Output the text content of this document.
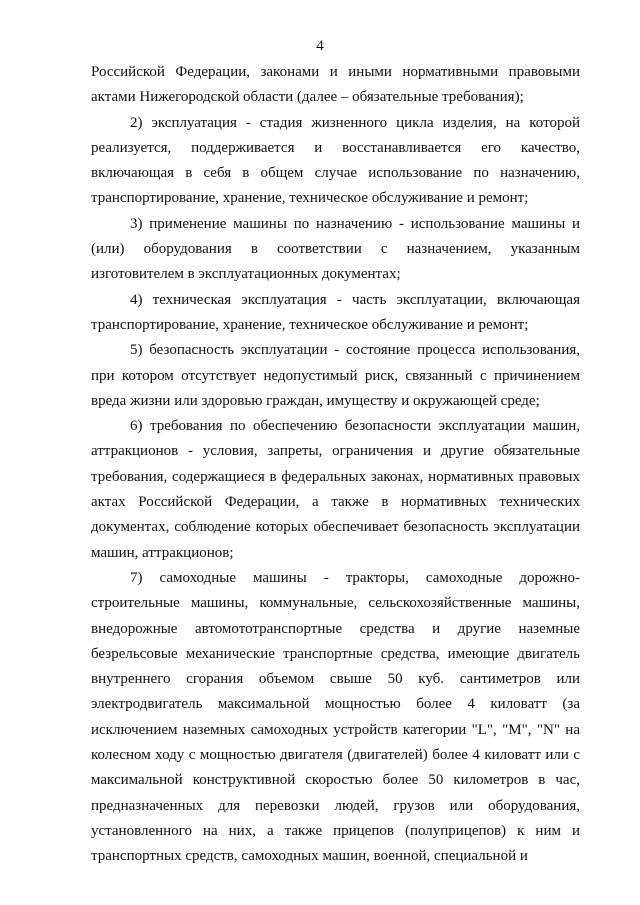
4

Российской Федерации, законами и иными нормативными правовыми актами Нижегородской области (далее – обязательные требования);

2) эксплуатация - стадия жизненного цикла изделия, на которой реализуется, поддерживается и восстанавливается его качество, включающая в себя в общем случае использование по назначению, транспортирование, хранение, техническое обслуживание и ремонт;

3) применение машины по назначению - использование машины и (или) оборудования в соответствии с назначением, указанным изготовителем в эксплуатационных документах;

4) техническая эксплуатация - часть эксплуатации, включающая транспортирование, хранение, техническое обслуживание и ремонт;

5) безопасность эксплуатации - состояние процесса использования, при котором отсутствует недопустимый риск, связанный с причинением вреда жизни или здоровью граждан, имуществу и окружающей среде;

6) требования по обеспечению безопасности эксплуатации машин, аттракционов - условия, запреты, ограничения и другие обязательные требования, содержащиеся в федеральных законах, нормативных правовых актах Российской Федерации, а также в нормативных технических документах, соблюдение которых обеспечивает безопасность эксплуатации машин, аттракционов;

7) самоходные машины - тракторы, самоходные дорожно-строительные машины, коммунальные, сельскохозяйственные машины, внедорожные автомототранспортные средства и другие наземные безрельсовые механические транспортные средства, имеющие двигатель внутреннего сгорания объемом свыше 50 куб. сантиметров или электродвигатель максимальной мощностью более 4 киловатт (за исключением наземных самоходных устройств категории "L", "M", "N" на колесном ходу с мощностью двигателя (двигателей) более 4 киловатт или с максимальной конструктивной скоростью более 50 километров в час, предназначенных для перевозки людей, грузов или оборудования, установленного на них, а также прицепов (полуприцепов) к ним и транспортных средств, самоходных машин, военной, специальной и
